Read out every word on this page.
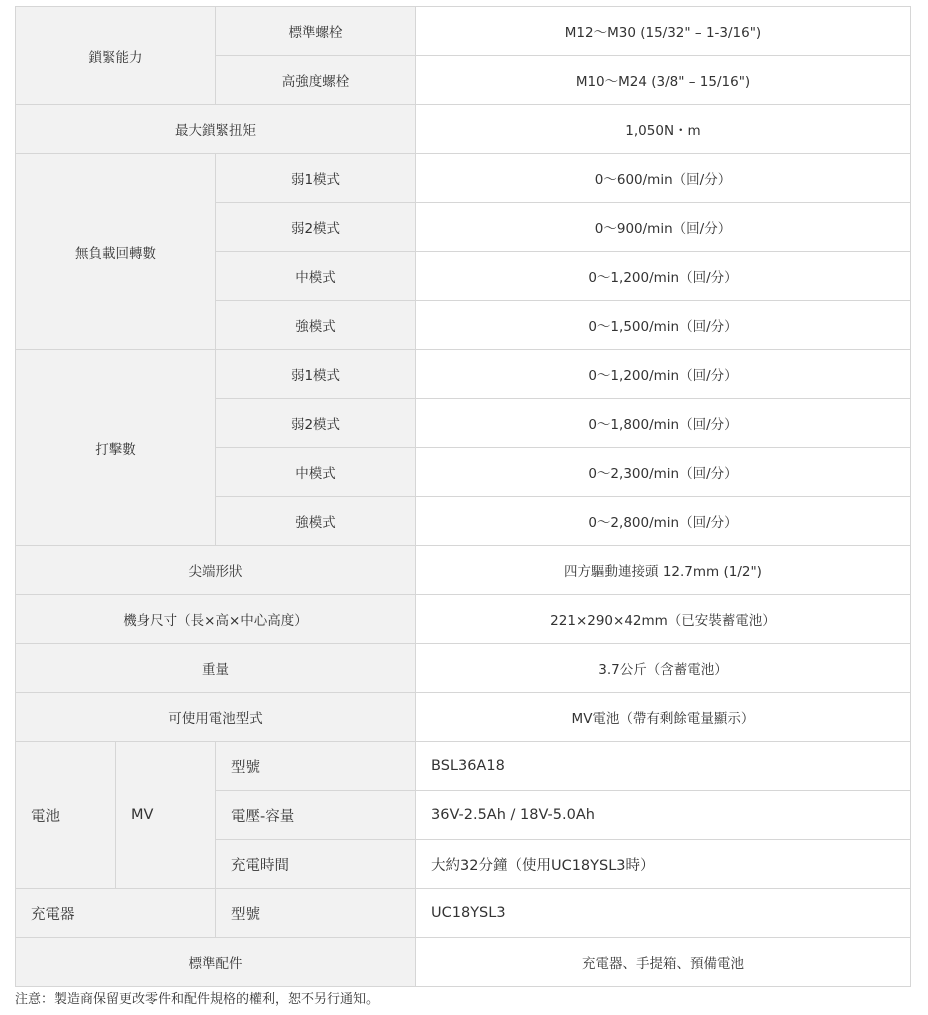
鎖緊能力		標準螺栓	M12～M30 (15/32" – 1-3/16")
		高強度螺栓	M10～M24 (3/8" – 15/16")
最大鎖緊扭矩			1,050N・m
無負載回轉數		弱1模式	0～600/min（回/分）
		弱2模式	0～900/min（回/分）
		中模式	0～1,200/min（回/分）
		強模式	0～1,500/min（回/分）
打擊數		弱1模式	0～1,200/min（回/分）
		弱2模式	0～1,800/min（回/分）
		中模式	0～2,300/min（回/分）
		強模式	0～2,800/min（回/分）
尖端形狀			四方驅動連接頭 12.7mm (1/2")
機身尺寸（長×高×中心高度）			221×290×42mm（已安裝蓄電池）
重量			3.7公斤（含蓄電池）
可使用電池型式			MV電池（帶有剩餘電量顯示）
電池	MV	型號	BSL36A18
		電壓-容量	36V-2.5Ah / 18V-5.0Ah
		充電時間	大約32分鐘（使用UC18YSL3時）
充電器		型號	UC18YSL3
標準配件			充電器、手提箱、預備電池
注意：製造商保留更改零件和配件規格的權利，恕不另行通知。
